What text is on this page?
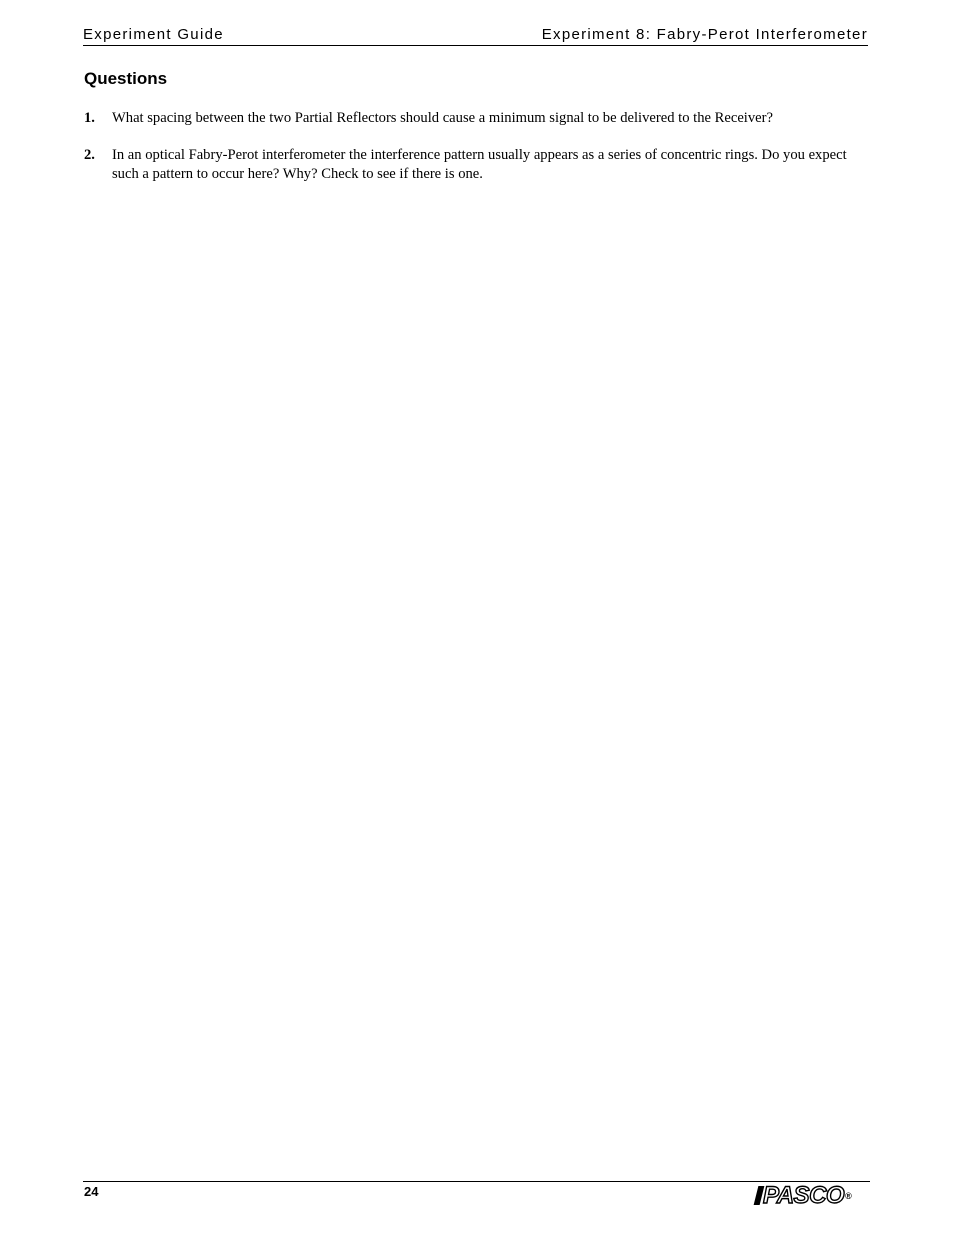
Experiment Guide	Experiment 8: Fabry-Perot Interferometer
Questions
1. What spacing between the two Partial Reflectors should cause a minimum signal to be delivered to the Receiver?
2. In an optical Fabry-Perot interferometer the interference pattern usually appears as a series of concentric rings. Do you expect such a pattern to occur here? Why? Check to see if there is one.
24	PASCO®
